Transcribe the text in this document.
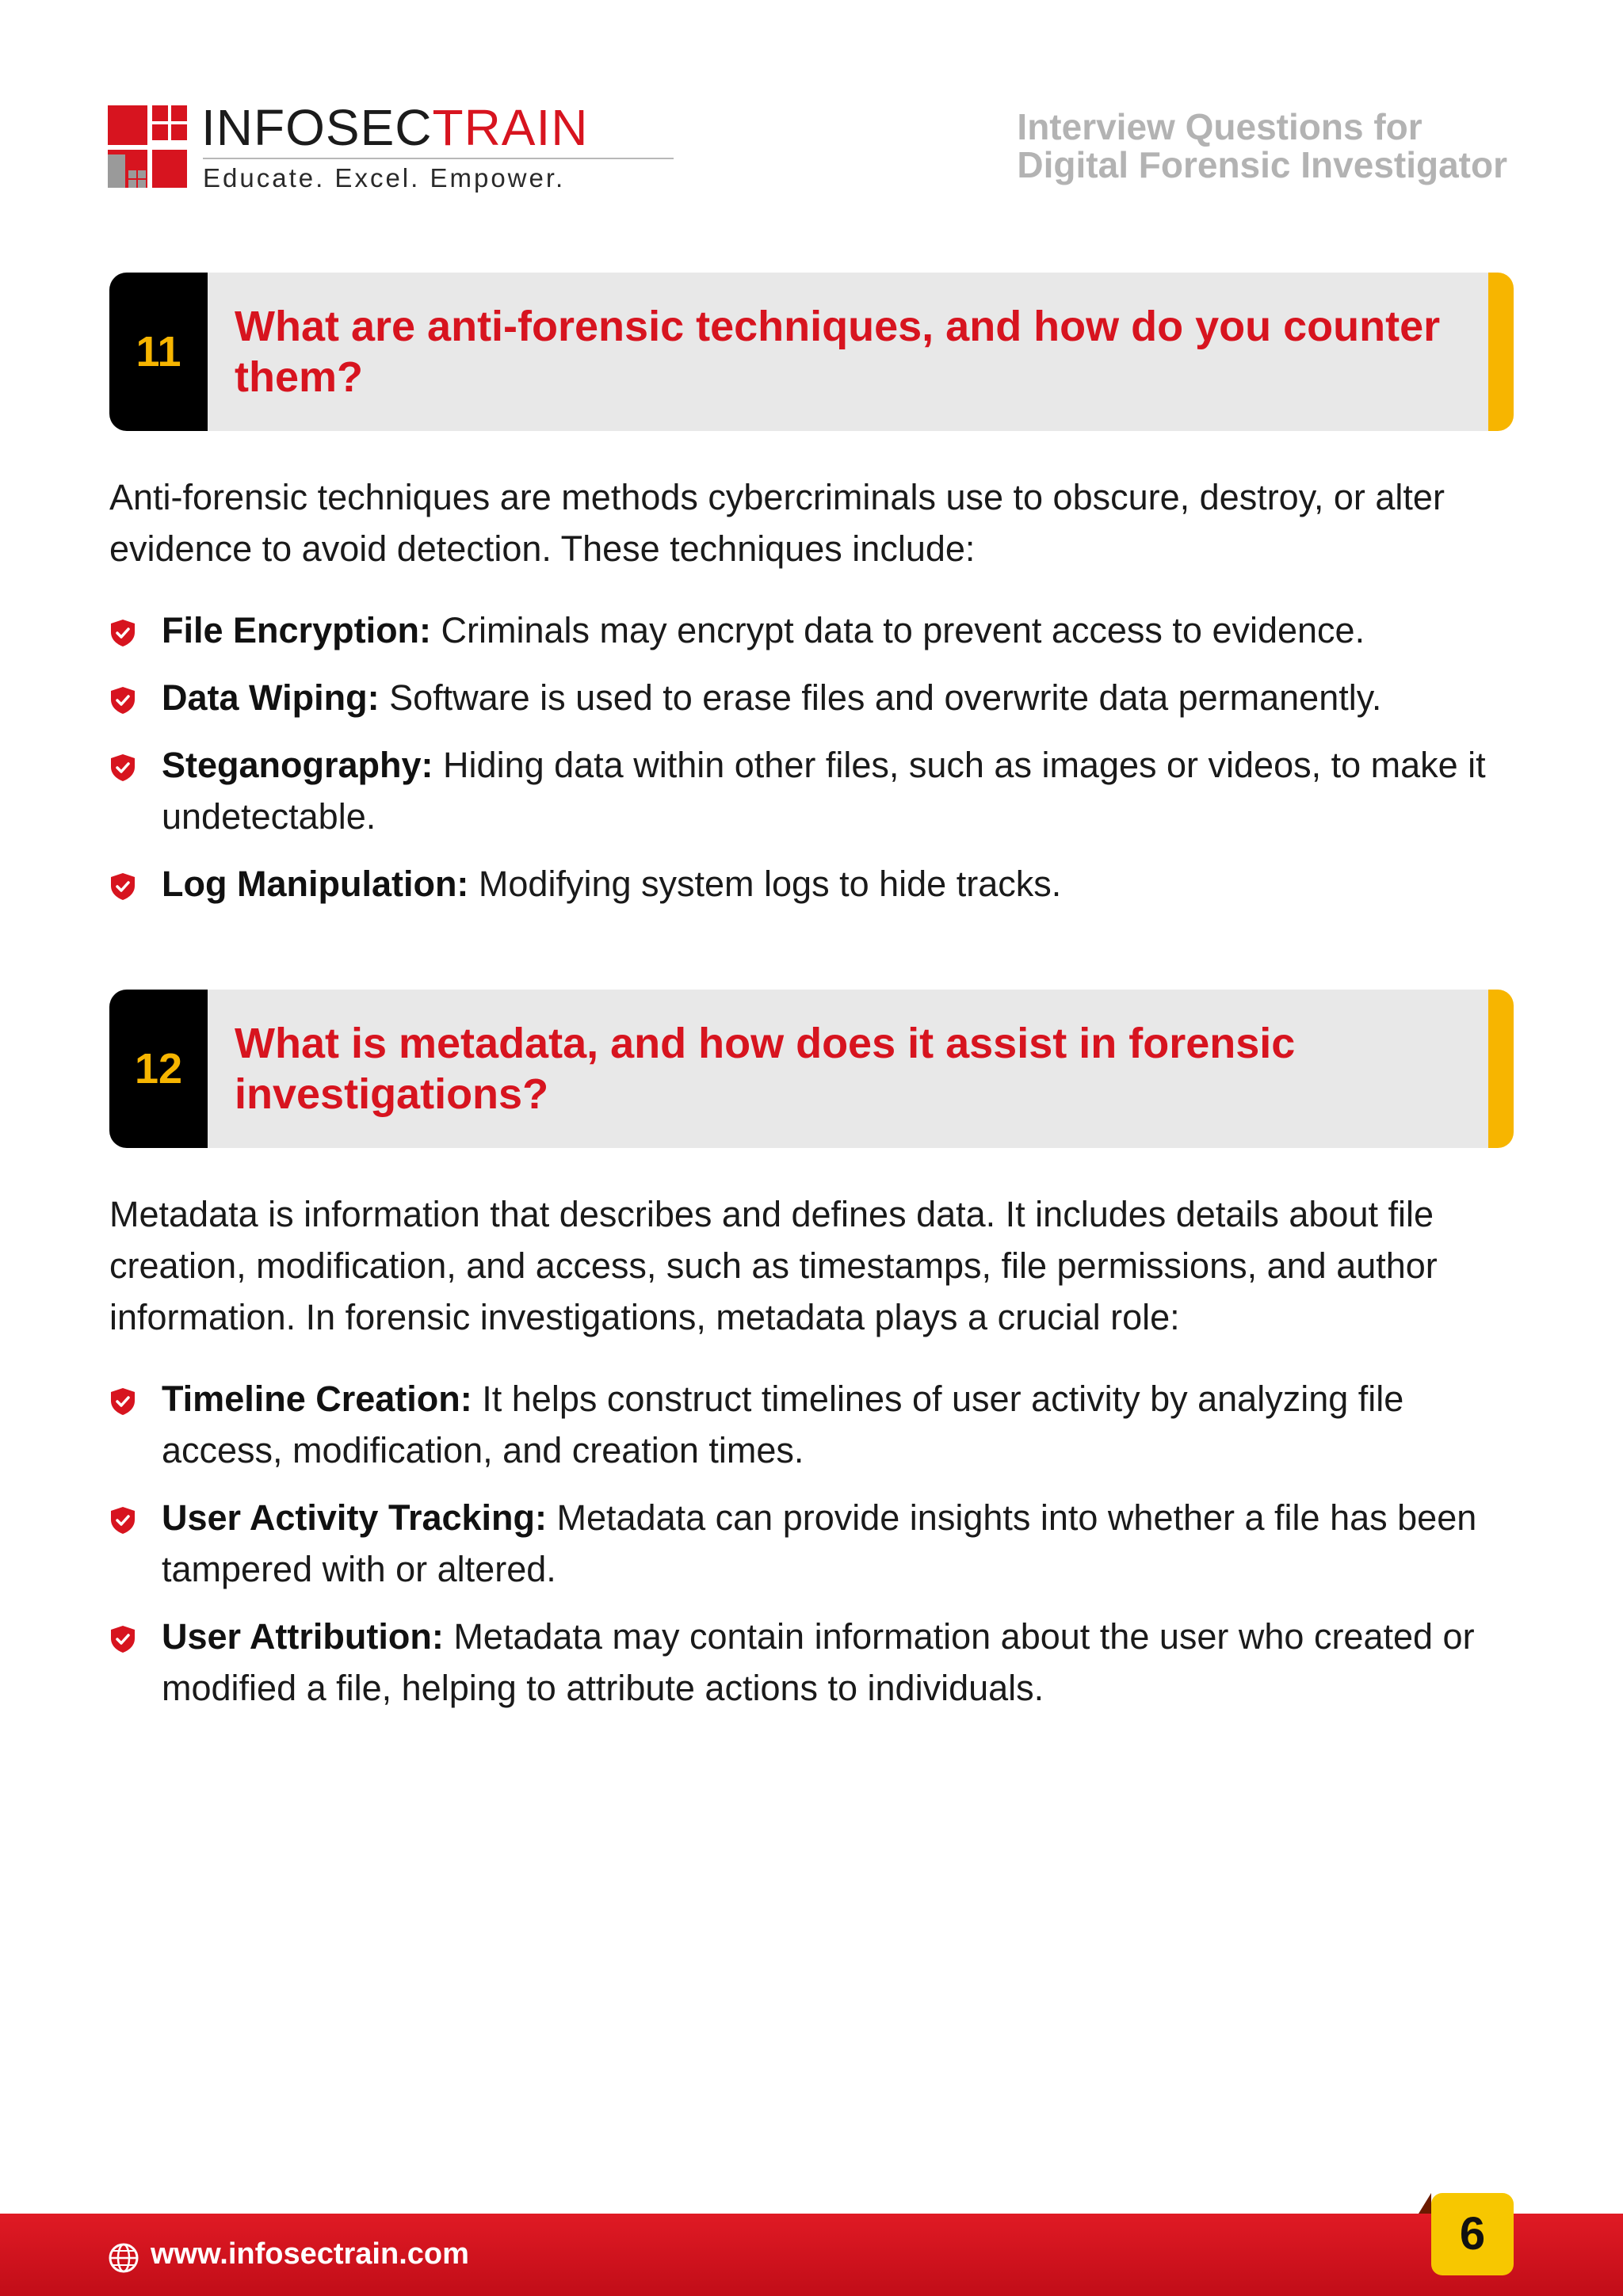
INFOSECTRAIN
Educate. Excel. Empower.
Interview Questions for
Digital Forensic Investigator
11
What are anti-forensic techniques, and how do you counter them?
Anti-forensic techniques are methods cybercriminals use to obscure, destroy, or alter evidence to avoid detection. These techniques include:
File Encryption: Criminals may encrypt data to prevent access to evidence.
Data Wiping: Software is used to erase files and overwrite data permanently.
Steganography: Hiding data within other files, such as images or videos, to make it undetectable.
Log Manipulation: Modifying system logs to hide tracks.
12
What is metadata, and how does it assist in forensic investigations?
Metadata is information that describes and defines data. It includes details about file creation, modification, and access, such as timestamps, file permissions, and author information. In forensic investigations, metadata plays a crucial role:
Timeline Creation: It helps construct timelines of user activity by analyzing file access, modification, and creation times.
User Activity Tracking: Metadata can provide insights into whether a file has been tampered with or altered.
User Attribution: Metadata may contain information about the user who created or modified a file, helping to attribute actions to individuals.
www.infosectrain.com	6
